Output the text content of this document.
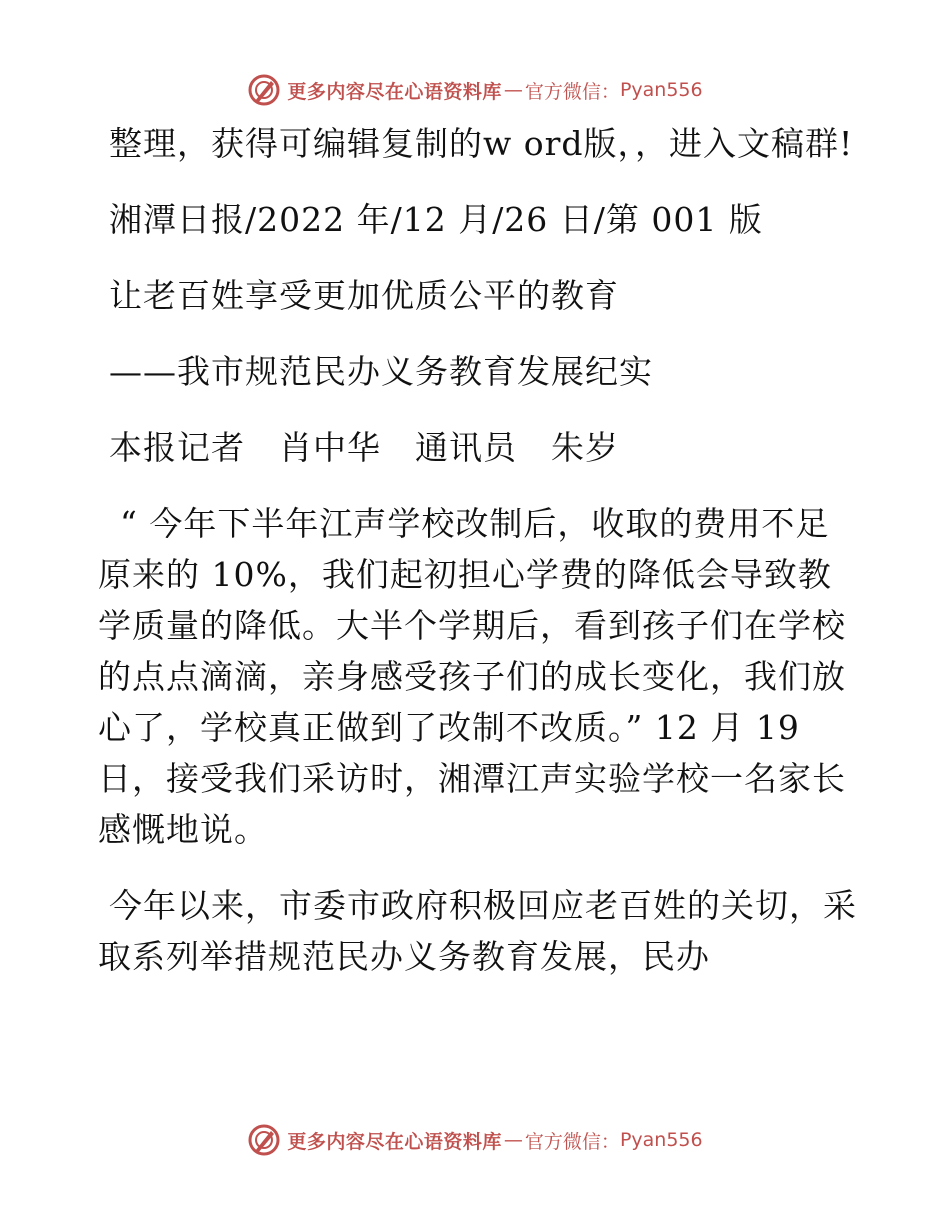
更多内容尽在心语资料库 — 官方微信： Pyan556

整理，获得可编辑复制的w ord版，，进入文稿群!

湘潭日报/2022 年/12 月/26 日/第 001 版

让老百姓享受更加优质公平的教育

——我市规范民办义务教育发展纪实

本报记者　肖中华　通讯员　朱岁

“ 今年下半年江声学校改制后，收取的费用不足原来的 10%，我们起初担心学费的降低会导致教学质量的降低。大半个学期后，看到孩子们在学校的点点滴滴，亲身感受孩子们的成长变化，我们放心了，学校真正做到了改制不改质。” 12 月 19 日，接受我们采访时，湘潭江声实验学校一名家长感慨地说。

今年以来，市委市政府积极回应老百姓的关切，采取系列举措规范民办义务教育发展，民办

更多内容尽在心语资料库 — 官方微信： Pyan556
